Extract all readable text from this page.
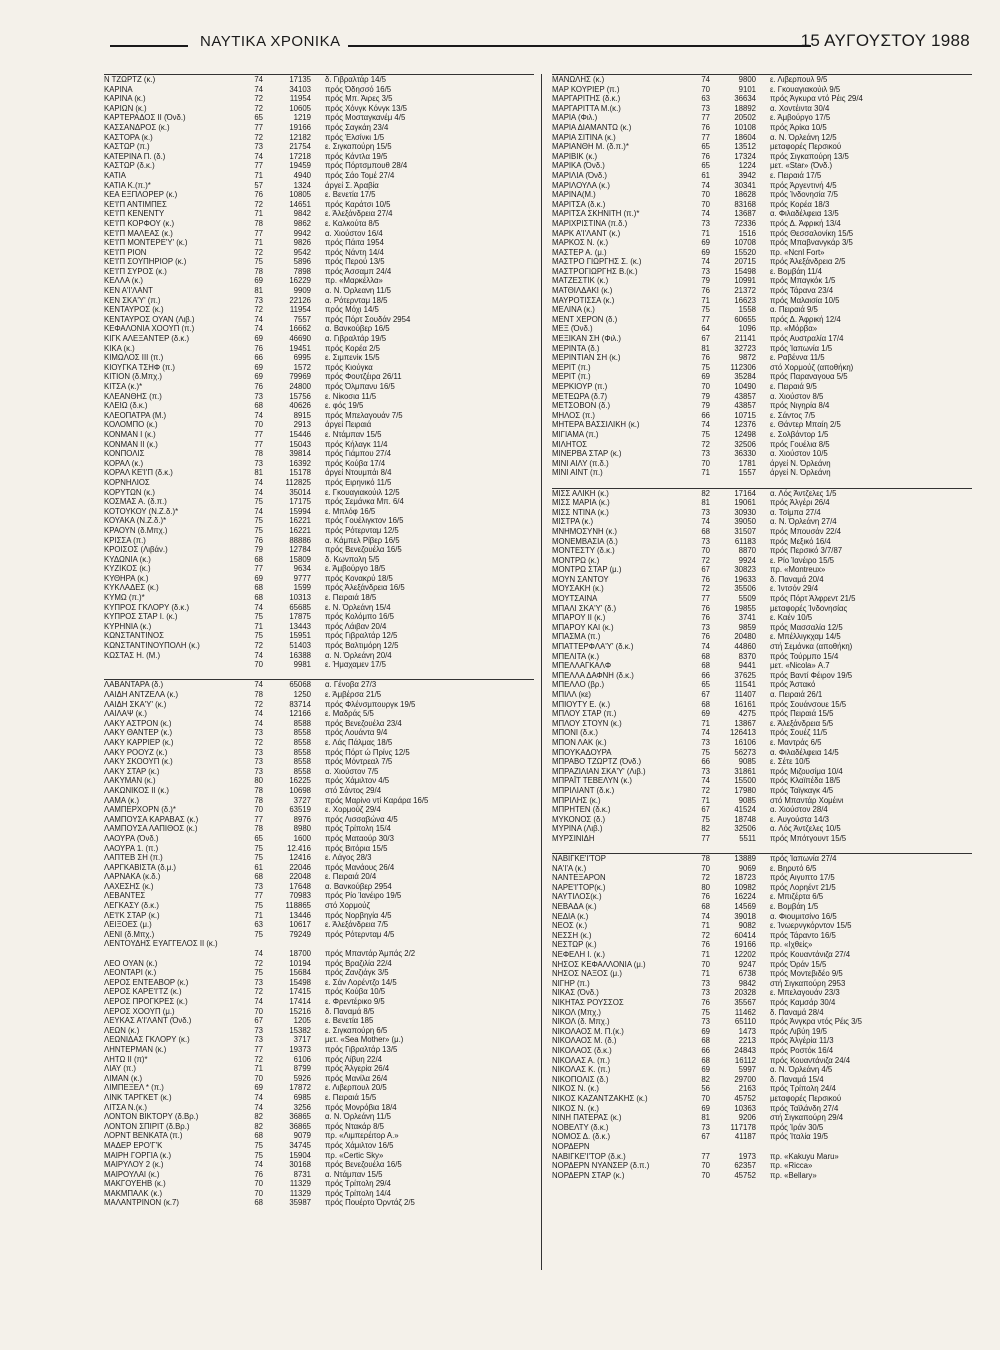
ΝΑΥΤΙΚΑ ΧΡΟΝΙΚΑ	15 ΑΥΓΟΥΣΤΟΥ 1988
Ν ΤΖΩΡΤΖ (κ.)	74	17135	δ. Γιβραλτάρ 14/5
ΚΑΡΙΝΑ	74	34103	πρός Όδησσό 16/5
ΚΑΡΙΝΑ (κ.)	72	11954	πρός Μπ. Άιρες 3/5
ΚΑΡΙΩΝ (κ.)	72	10605	πρός Χόνγκ Κόνγκ 13/5
ΚΑΡΤΕΡΑΔΟΣ II (Όνδ.)	65	1219	πρός Μοσταγκανέμ 4/5
ΚΑΣΣΑΝΔΡΟΣ (κ.)	77	19166	πρός Σαγκάη 23/4
ΚΑΣΤΟΡΑ (κ.)	72	12182	πρός Έλσίνκι 1/5
ΚΑΣΤΩΡ (π.)	73	21754	ε. Σιγκαπούρη 15/5
ΚΑΤΕΡΙΝΑ Π. (δ.)	74	17218	πρός Κάντλα 19/5
ΚΑΣΤΩΡ (δ.κ.)	77	19459	πρός Πόρτσμπουθ 28/4
ΚΑΤΙΑ	71	4940	πρός Σάο Τομέ 27/4
ΚΑΤΙΑ Κ.(π.)*	57	1324	άργεί Σ. Άραβία
ΚΕΑ ΕΞΠΛΟΡΕΡ (κ.)	76	10805	ε. Βενετία 17/5
ΚΕ'Ι'Π ΑΝΤΙΜΠΕΣ	72	14651	πρός Καράτσι 10/5
ΚΕ'Ι'Π ΚΕΝΕΝΤΥ	71	9842	ε. Άλεξάνδρεια 27/4
ΚΕ'Ι'Π ΚΟΡΦΟΥ (κ.)	78	9862	ε. Καλκούτα 8/5
ΚΕ'Ι'Π ΜΑΛΕΑΣ (κ.)	77	9942	α. Χιούστον 16/4
ΚΕ'Ι'Π ΜΟΝΤΕΡΕ'Υ' (κ.)	71	9826	πρός Πάιτα 1954
ΚΕ'Ι'Π ΡΙΟΝ	72	9542	πρός Νάντη 14/4
ΚΕ'Ι'Π ΣΟΥΠΗΡΙΟΡ (κ.)	75	5896	πρός Περού 13/5
ΚΕ'Ι'Π ΣΥΡΟΣ (κ.)	78	7898	πρός Άσσαμπ 24/4
ΚΕΛΛΑ (κ.)	69	16229	πρ. «Μαρκέλλα»
ΚΕΝ Α'Ι'ΛΑΝΤ	81	9909	α. Ν. Όρλεανη 11/5
ΚΕΝ ΣΚΑ'Υ' (π.)	73	22126	α. Ρότερνταμ 18/5
ΚΕΝΤΑΥΡΟΣ (κ.)	72	11954	πρός Μόχι 14/5
ΚΕΝΤΑΥΡΟΣ ΟΥΑΝ (Λιβ.)	74	7557	πρός Πόρτ Σουδάν 2954
ΚΕΦΑΛΟΝΙΑ ΧΟΟΥΠ (π.)	74	16662	α. Βανκούβερ 16/5
ΚΙΓΚ ΑΛΕΞΑΝΤΕΡ (δ.κ.)	69	46690	α. Γιβραλτάρ 19/5
ΚΙΚΑ (κ.)	76	19451	πρός Κορέα 2/5
ΚΙΜΩΛΟΣ III (π.)	66	6995	ε. Σιμπενίκ 15/5
ΚΙΟΥΓΚΑ ΤΣΗΦ (π.)	69	1572	πρός Κιούγκα
ΚΙΤΙΟΝ (δ.Μπχ.)	69	79969	πρός Φουτζέιρα 26/11
ΚΙΤΣΑ (κ.)*	76	24800	πρός Όλμπανυ 16/5
ΚΛΕΑΝΘΗΣ (π.)	73	15756	ε. Νίκοσια 11/5
ΚΛΕΙΩ (δ.κ.)	68	40626	ε. φός 19/5
ΚΛΕΟΠΑΤΡΑ (Μ.)	74	8915	πρός Μπελαγουάν 7/5
ΚΟΛΟΜΠΟ (κ.)	70	2913	άργεί Πειραιά
ΚΟΝΜΑΝ Ι (κ.)	77	15446	ε. Ντάμπαν 15/5
ΚΟΝΜΑΝ II (κ.)	77	15043	πρός Κήλαγκ 11/4
ΚΟΝΠΟΛΙΣ	78	39814	πρός Γιάμπου 27/4
ΚΟΡΑΛ (κ.)	73	16392	πρός Κούβα 17/4
ΚΟΡΑΛ ΚΕ'Ι'Π (δ.κ.)	81	15178	άργεί Ντουμπάι 8/4
ΚΟΡΝΗΛΙΟΣ	74	112825	πρός Ειρηνικό 11/5
ΚΟΡΥΤΩΝ (κ.)	74	35014	ε. Γκουαγιακούιλ 12/5
ΚΟΣΜΑΣ Α. (δ.π.)	75	17175	πρός Σεμάνκα Μπ. 6/4
ΚΟΤΟΥΚΟΥ (Ν.Ζ.δ.)*	74	15994	ε. Μπλόφ 16/5
ΚΟΥΑΚΑ (Ν.Ζ.δ.)*	75	16221	πρός Γουέλιγκτον 16/5
ΚΡΑΟΥΝ (δ.Μπχ.)	75	16221	πρός Ρότερνταμ 12/5
ΚΡΙΣΣΑ (π.)	76	88886	α. Κάμπελ Ρίβερ 16/5
ΚΡΟΙΣΟΣ (Λιβάν.)	79	12784	πρός Βενεζουέλα 16/5
ΚΥΔΩΝΙΑ (κ.)	68	15809	δ. Κωνπολη 5/5
ΚΥΖΙΚΟΣ (κ.)	77	9634	ε. Άμβούργο 18/5
ΚΥΘΗΡΑ (κ.)	69	9777	πρός Κονακρύ 18/5
ΚΥΚΛΑΔΕΣ (κ.)	68	1599	πρός Άλεξάνδρεια 16/5
ΚΥΜΩ (π.)*	68	10313	ε. Πειραιά 18/5
ΚΥΠΡΟΣ ΓΚΛΟΡΥ (δ.κ.)	74	65685	ε. Ν. Όρλεάνη 15/4
ΚΥΠΡΟΣ ΣΤΑΡ Ι. (κ.)	75	17875	πρός Κολόμπο 16/5
ΚΥΡΗΝΙΑ (κ.)	71	13443	πρός Λάιβαν 20/4
ΚΩΝΣΤΑΝΤΙΝΟΣ	75	15951	πρός Γιβραλτάρ 12/5
ΚΩΝΣΤΑΝΤΙΝΟΥΠΟΛΗ (κ.)	72	51403	πρός Βαλτιμόρη 12/5
ΚΩΣΤΑΣ Η. (Μ.)	74	16388	α. Ν. Όρλεάνη 20/4
70	9981	ε. Ήμαχαμεν 17/5
ΛΑΒΑΝΤΑΡΑ (δ.)	74	65068	α. Γένοβα 27/3
ΛΑΙΔΗ ΑΝΤΖΕΛΑ (κ.)	78	1250	ε. Άμβέρσα 21/5
ΛΑΙΔΗ ΣΚΑ'Υ' (κ.)	72	83714	πρός Φλένσμπουργκ 19/5
ΛΑΙΛΑΨ (κ.)	74	12166	ε. Μαδράς 5/5
ΛΑΚΥ ΑΣΤΡΟΝ (κ.)	74	8588	πρός Βενεζουέλα 23/4
ΛΑΚΥ ΘΑΝΤΕΡ (κ.)	73	8558	πρός Λουάντα 9/4
ΛΑΚΥ ΚΑΡΡΙΕΡ (κ.)	72	8558	ε. Λάς Πάλμας 18/5
ΛΑΚΥ ΡΟΟΥΖ (κ.)	73	8558	πρός Πόρτ ώ Πρίνς 12/5
ΛΑΚΥ ΣΚΟΟΥΠ (κ.)	73	8558	πρός Μόντρεαλ 7/5
ΛΑΚΥ ΣΤΑΡ (κ.)	73	8558	α. Χιούστον 7/5
ΛΑΚΥΜΑΝ (κ.)	80	16225	πρός Χάμιλτον 4/5
ΛΑΚΩΝΙΚΟΣ II (κ.)	78	10698	στό Σάντος 29/4
ΛΑΜΑ (κ.)	78	3727	πρός Μαρίνο ντί Καράρα 16/5
ΛΑΜΠΕΡΧΟΡΝ (δ.)*	70	63519	ε. Χορμούζ 29/4
ΛΑΜΠΟΥΣΑ ΚΑΡΑΒΑΣ (κ.)	77	8976	πρός Λισσαβώνα 4/5
ΛΑΜΠΟΥΣΑ ΛΑΠΙΘΟΣ (κ.)	78	8980	πρός Τρίπολη 15/4
ΛΑΟΥΡΑ (Όνδ.)	65	1600	πρός Ματαούρ 30/3
ΛΑΟΥΡΑ 1. (π.)	75	12.416	πρός Βιτόρια 15/5
ΛΑΠΤΕΒ ΣΗ (π.)	75	12416	ε. Λάγος 28/3
ΛΑΡΓΚΑΒΙΣΤΑ (δ.μ.)	61	22046	πρός Μανάους 26/4
ΛΑΡΝΑΚΑ (κ.δ.)	68	22048	ε. Πειραιά 20/4
ΛΑΧΕΣΗΣ (κ.)	73	17648	α. Βανκούβερ 2954
ΛΕΒΑΝΤΕΣ	77	70983	πρός Ρίο Ίανέιρο 19/5
ΛΕΓΚΑΣΥ (δ.κ.)	75	118865	στό Χορμούζ
ΛΕ'Ι'Κ ΣΤΑΡ (κ.)	71	13446	πρός Νορβηγία 4/5
ΛΕΙΞΟΕΣ (μ.)	63	10617	ε. Άλεξάνδρεια 7/5
ΛΕΝΙ (δ.Μπχ.)	75	79249	πρός Ρότερνταμ 4/5
ΛΕΝΤΟΥΔΗΣ ΕΥΑΓΓΕΛΟΣ II (κ.)
74	18700	πρός Μπαντάρ Άμπάς 2/2
ΛΕΟ ΟΥΑΝ (κ.)	72	10194	πρός Βραζιλία 22/4
ΛΕΟΝΤΑΡΙ (κ.)	75	15684	πρός Ζανζιάγκ 3/5
ΛΕΡΟΣ ΕΝΤΕΑΒΟΡ (κ.)	73	15498	ε. Σάν Λορέντζο 14/5
ΛΕΡΟΣ ΚΑΡΕ'Ι'ΤΖ (κ.)	72	17415	πρός Κούβα 10/5
ΛΕΡΟΣ ΠΡΟΓΚΡΕΣ (κ.)	74	17414	ε. Φρεντέρικο 9/5
ΛΕΡΟΣ ΧΟΟΥΠ (μ.)	70	15216	δ. Παναμά 8/5
ΛΕΥΚΑΣ Α'Ι'ΛΑΝΤ (Όνδ.)	67	1205	ε. Βενετία 185
ΛΕΩΝ (κ.)	73	15382	ε. Σιγκαπούρη 6/5
ΛΕΩΝΙΔΑΣ ΓΚΛΟΡΥ (κ.)	73	3717	μετ. «Sea Mother» (μ.)
ΛΗΝΤΕΡΜΑΝ (κ.)	77	19373	πρός Γιβραλτάρ 13/5
ΛΗΤΩ ΙΙ (π)*	72	6106	πρός Λίβυη 22/4
ΛΙΑΥ (π.)	71	8799	πρός Άλγερία 26/4
ΛΙΜΑΝ (κ.)	70	5926	πρός Μανίλα 26/4
ΛΙΜΠΕΞΕΛ * (π.)	69	17872	ε. Λιβερπουλ 20/5
ΛΙΝΚ ΤΑΡΓΚΕΤ (κ.)	74	6985	ε. Πειραιά 15/5
ΛΙΤΣΑ Ν.(κ.)	74	3256	πρός Μονρόβια 18/4
ΛΟΝΤΟΝ ΒΙΚΤΟΡΥ (δ.Βρ.)	82	36865	α. Ν. Όρλεάνη 11/5
ΛΟΝΤΟΝ ΣΠΙΡΙΤ (δ.Βρ.)	82	36865	πρός Ντακάρ 8/5
ΛΟΡΝΤ ΒΕΝΚΑΤΑ (π.)	68	9079	πρ. «Λιμπερέιτορ Α.»
ΜΑΔΕΡ ΕΡΟ'Γ'Κ	75	34745	πρός Χάμιλτον 16/5
ΜΑΙΡΗ ΓΟΡΓΙΑ (κ.)	75	15904	πρ. «Certic Sky»
ΜΑΙΡΥΛΟΥ 2 (κ.)	74	30168	πρός Βενεζουέλα 16/5
ΜΑΙΡΟΥΛΑΙ (κ.)	76	8731	α. Ντάμπαν 15/5
ΜΑΚΓΟΥΕΗΒ (κ.)	70	11329	πρός Τρίπολη 29/4
ΜΑΚΜΠΑΛΚ (κ.)	70	11329	πρός Τρίπολη 14/4
ΜΑΛΑΝΤΡΙΝΟΝ (κ.7)	68	35987	πρός Πουέρτο Όρντάζ 2/5
ΜΑΝΩΛΗΣ (κ.)	74	9800	ε. Λιβερπουλ 9/5
ΜΑΡ ΚΟΥΡΙΕΡ (π.)	70	9101	ε. Γκουαγιακούιλ 9/5
ΜΑΡΓΑΡΙΤΗΣ (δ.κ.)	63	36634	πρός Άγκυρα ντό Ρέις 29/4
ΜΑΡΓΑΡΙΤΤΑ Μ.(κ.)	73	18892	α. Χοντέιντα 30/4
ΜΑΡΙΑ (Φιλ.)	77	20502	ε. Άμβούργο 17/5
ΜΑΡΙΑ ΔΙΑΜΑΝΤΩ (κ.)	76	10108	πρός Άρίκα 10/5
ΜΑΡΙΑ ΣΙΤΙΝΑ (κ.)	77	18604	α. Ν. Όρλεάνη 12/5
ΜΑΡΙΑΝΘΗ Μ. (δ.π.)*	65	13512	μεταφορές Περσικού
ΜΑΡΙΒΙΚ (κ.)	76	17324	πρός Σιγκαπούρη 13/5
ΜΑΡΙΚΑ (Όνδ.)	65	1224	μετ. «Star» (Όνδ.)
ΜΑΡΙΛΙΑ (Όνδ.)	61	3942	ε. Πειραιά 17/5
ΜΑΡΙΛΟΥΛΑ (κ.)	74	30341	πρός Άργεντινή 4/5
ΜΑΡΙΝΑ(Μ.)	70	18628	πρός Ίνδονησία 7/5
ΜΑΡΙΤΣΑ (δ.κ.)	70	83168	πρός Κορέα 18/3
ΜΑΡΙΤΣΑ ΣΚΗΝΙΤΗ (π.)*	74	13687	α. Φιλαδέλφεια 13/5
ΜΑΡΙΧΡΙΣΤΙΝΑ (π.δ.)	73	72336	πρός Δ. Άφρική 13/4
ΜΑΡΚ Α'Ι'ΛΑΝΤ (κ.)	71	1516	πρός Θεσσαλονίκη 15/5
ΜΑΡΚΟΣ Ν. (κ.)	69	10708	πρός Μπαβνανγκάρ 3/5
ΜΑΣΤΕΡ Α. (μ.)	69	15520	πρ. «Ncnl Fort»
ΜΑΣΤΡΟ ΓΙΩΡΓΗΣ Σ. (κ.)	74	20715	πρός Άλεξάνδρεια 2/5
ΜΑΣΤΡΟΓΙΩΡΓΗΣ Β.(κ.)	73	15498	ε. Βομβάη 11/4
ΜΑΤΖΕΣΤΙΚ (κ.)	79	10991	πρός Μπαγκόκ 1/5
ΜΑΤΘΙΛΔΑΚΙ (κ.)	76	21372	πρός Τάρανα 23/4
ΜΑΥΡΟΤΙΣΣΑ (κ.)	71	16623	πρός Μαλαισία 10/5
ΜΕΛΙΝΑ (κ.)	75	1558	α. Πειραιά 9/5
ΜΕΝΤ ΧΕΡΟΝ (δ.)	77	60655	πρός Δ. Άφρική 12/4
ΜΕΞ (Όνδ.)	64	1096	πρ. «Μόρβα»
ΜΕΞΙΚΑΝ ΣΗ (Φιλ.)	67	21141	πρός Αυστραλία 17/4
ΜΕΡΙΝΤΑ (δ.)	81	32723	πρός Ίαπωνία 1/5
ΜΕΡΙΝΤΙΑΝ ΣΗ (κ.)	76	9872	ε. Ραβέννα 11/5
ΜΕΡΙΤ (π.)	75	112306	στό Χορμούζ (αποθήκη)
ΜΕΡΙΤ (π.)	69	35284	πρός Παραναγουα 5/5
ΜΕΡΚΙΟΥΡ (π.)	70	10490	ε. Πειραιά 9/5
ΜΕΤΕΩΡΑ (δ.7)	79	43857	α. Χιούστον 8/5
ΜΕΤΣΟΒΟΝ (δ.)	79	43857	πρός Νιγηρία 8/4
ΜΗΛΟΣ (π.)	66	10715	ε. Σάντος 7/5
ΜΗΤΕΡΑ ΒΑΣΣΙΛΙΚΗ (κ.)	74	12376	ε. Θάντερ Μπαίη 2/5
ΜΙΓΙΑΜΑ (π.)	75	12498	ε. Σολβάντορ 1/5
ΜΙΛΗΤΟΣ	72	32506	πρός Γουέλια 8/5
ΜΙΝΕΡΒΑ ΣΤΑΡ (κ.)	73	36330	α. Χιούστον 10/5
ΜΙΝΙ ΑΙΛΥ (π.δ.)	70	1781	άργεί Ν. Όρλεάνη
ΜΙΝΙ ΑΙΝΤ (π.)	71	1557	άργεί Ν. Όρλεάνη
ΜΙΣΣ ΑΛΙΚΗ (κ.)	82	17164	α. Λός Άντζελες 1/5
ΜΙΣΣ ΜΑΡΙΑ (κ.)	81	19061	πρός Άλγέρι 26/4
ΜΙΣΣ ΝΤΙΝΑ (κ.)	73	30930	α. Τσίμπα 27/4
ΜΙΣΤΡΑ (κ.)	74	39050	α. Ν. Όρλεάνη 27/4
ΜΝΗΜΟΣΥΝΗ (κ.)	68	31507	πρός Μπουσάν 22/4
ΜΟΝΕΜΒΑΣΙΑ (δ.)	73	61183	πρός Μεξικό 16/4
ΜΟΝΤΕΣΤΥ (δ.κ.)	70	8870	πρός Περσικό 3/7/87
ΜΟΝΤΡΩ (κ.)	72	9924	ε. Ρίο Ίανέιρο 15/5
ΜΟΝΤΡΩ ΣΤΑΡ (μ.)	67	30823	πρ. «Montreux»
ΜΟΥΝ ΣΑΝΤΟΥ	76	19633	δ. Παναμά 20/4
ΜΟΥΣΑΚΗ (κ.)	72	35506	ε. Ίντσόν 29/4
ΜΟΥΤΣΑΙΝΑ	77	5509	πρός Πόρτ Άλφρεντ 21/5
ΜΠΑΛΙ ΣΚΑ'Υ' (δ.)	76	19855	μεταφορές Ίνδονησίας
ΜΠΑΡΟΥ ΙΙ (κ.)	76	3741	ε. Καέν 10/5
ΜΠΑΡΟΥ ΚΑΙ (κ.)	73	9859	πρός Μασσαλία 12/5
ΜΠΑΣΜΑ (π.)	76	20480	ε. Μπέλλιγκχαμ 14/5
ΜΠΑΤΤΕΡΦΛΑ'Υ' (δ.κ.)	74	44860	στή Σεμάνκα (αποθήκη)
ΜΠΕΛΙΤΑ (κ.)	68	8370	πρός Τούρμπο 15/4
ΜΠΕΛΛΑΓΚΑΛΦ	68	9441	μετ. «Nicola» Α.7
ΜΠΕΛΛΑ ΔΑΦΝΗ (δ.κ.)	66	37625	πρός Βαντί Φέιρον 19/5
ΜΠΕΛΛΟ (βρ.)	65	11541	πρός Άστακό
ΜΠΙΛΛ (κε)	67	11407	α. Πειραιά 26/1
ΜΠΙΟΥΤΥ Ε. (κ.)	68	16161	πρός Σουάνσουε 15/5
ΜΠΛΟΥ ΣΤΑΡ (π.)	69	4275	πρός Πειραιά 15/5
ΜΠΛΟΥ ΣΤΟΥΝ (κ.)	71	13867	ε. Άλεξάνδρεια 5/5
ΜΠΟΝΙ (δ.κ.)	74	126413	πρός Σουέζ 11/5
ΜΠΟΝ ΛΑΚ (κ.)	73	16106	ε. Μαντράς 6/5
ΜΠΟΥΚΑΔΟΥΡΑ	75	56273	α. Φιλαδέλφεια 14/5
ΜΠΡΑΒΟ ΤΖΩΡΤΖ (Όνδ.)	66	9085	ε. Σέτε 10/5
ΜΠΡΑΖΙΛΙΑΝ ΣΚΑ'Υ' (Λιβ.)	73	31861	πρός Μιζουσίμα 10/4
ΜΠΡΑΪΤ ΤΕΒΕΛΥΝ (κ.)	74	15500	πρός Κλαϊπέδα 18/5
ΜΠΡΙΛΙΑΝΤ (δ.κ.)	72	17980	πρός Ταϊγκαγκ 4/5
ΜΠΡΙΛΗΣ (κ.)	71	9085	στό Μπαντάρ Χομέινι
ΜΠΡΗΤΕΝ (δ.κ.)	67	41524	α. Χιούστον 28/4
ΜΥΚΟΝΟΣ (δ.)	75	18748	ε. Αυγούστα 14/3
ΜΥΡΙΝΑ (Λιβ.)	82	32506	α. Λός Άντζελες 10/5
ΜΥΡΣΙΝΙΔΗ	77	5511	πρός Μπότγουντ 15/5
ΝΑΒΙΓΚΕ'Ι'ΤΟΡ	78	13889	πρός Ίαπωνία 27/4
ΝΑ'Ι'Α (κ.)	70	9069	ε. Βηρυτό 6/5
ΝΑΝΤΕΞΑΡΟΝ	72	18723	πρός Αιγυπτο 17/5
ΝΑΡΕ'Ι'ΤΟΡ(κ.)	80	10982	πρός Λορηέντ 21/5
ΝΑΥΤΙΛΟΣ(κ.)	76	16224	ε. Μπιζέρτα 6/5
ΝΕΒΑΔΑ (κ.)	68	14569	ε. Βομβάη 1/5
ΝΕΔΙΑ (κ.)	74	39018	α. Φιουμιτσίνο 16/5
ΝΕΟΣ (κ.)	71	9082	ε. Ίνωερνγκόρντον 15/5
ΝΕΣΣΗ (κ.)	72	60414	πρός Τάραντο 16/5
ΝΕΣΤΩΡ (κ.)	76	19166	πρ. «Ιχθείς»
ΝΕΦΕΛΗ Ι. (κ.)	71	12202	πρός Κουαντάνιζα 27/4
ΝΗΣΟΣ ΚΕΦΑΛΛΟΝΙΑ (μ.)	70	9247	πρός Όράν 15/5
ΝΗΣΟΣ ΝΑΞΟΣ (μ.)	71	6738	πρός Μοντεβιδέο 9/5
ΝΙΓΗΡ (π.)	73	9842	στή Σιγκαπούρη 2953
ΝΙΚΑΣ (Όνδ.)	73	20328	ε. Μπελαγουάν 23/3
ΝΙΚΗΤΑΣ ΡΟΥΣΣΟΣ	76	35567	πρός Καμσάρ 30/4
ΝΙΚΟΛ (Μπχ.)	75	11462	δ. Παναμά 28/4
ΝΙΚΟΛ (δ. Μπχ.)	73	65110	πρός Άνγκρα ντός Ρέις 3/5
ΝΙΚΟΛΑΟΣ Μ. Π.(κ.)	69	1473	πρός Λιβύη 19/5
ΝΙΚΟΛΑΟΣ Μ. (δ.)	68	2213	πρός Άλγέρία 11/3
ΝΙΚΟΛΑΟΣ (δ.κ.)	66	24843	πρός Ροστόκ 16/4
ΝΙΚΟΛΑΣ Α. (π.)	68	16112	πρός Κουαντάνιζα 24/4
ΝΙΚΟΛΑΣ Κ. (π.)	69	5997	α. Ν. Όρλεάνη 4/5
ΝΙΚΟΠΟΛΙΣ (δ.)	82	29700	δ. Παναμά 15/4
ΝΙΚΟΣ Ν. (κ.)	56	2163	πρός Τρίπολη 24/4
ΝΙΚΟΣ ΚΑΖΑΝΤΖΑΚΗΣ (κ.)	70	45752	μεταφορές Περσικού
ΝΙΚΟΣ Ν. (κ.)	69	10363	πρός Ταϊλάνδη 27/4
ΝΙΝΗ ΠΑΤΕΡΑΣ (κ.)	81	9206	στή Σιγκαπούρη 29/4
ΝΟΒΕΛΤΥ (δ.κ.)	73	117178	πρός Ίράν 30/5
ΝΟΜΟΣ Δ. (δ.κ.)	67	41187	πρός Ίταλία 19/5
ΝΟΡΔΕΡΝ
ΝΑΒΙΓΚΕ'Ι'ΤΟΡ (δ.κ.)	77	1973	πρ. «Kakuyu Maru»
ΝΟΡΔΕΡΝ ΝΥΑΝΣΕΡ (δ.π.)	70	62357	πρ. «Ricca»
ΝΟΡΔΕΡΝ ΣΤΑΡ (κ.)	70	45752	πρ. «Bellary»
